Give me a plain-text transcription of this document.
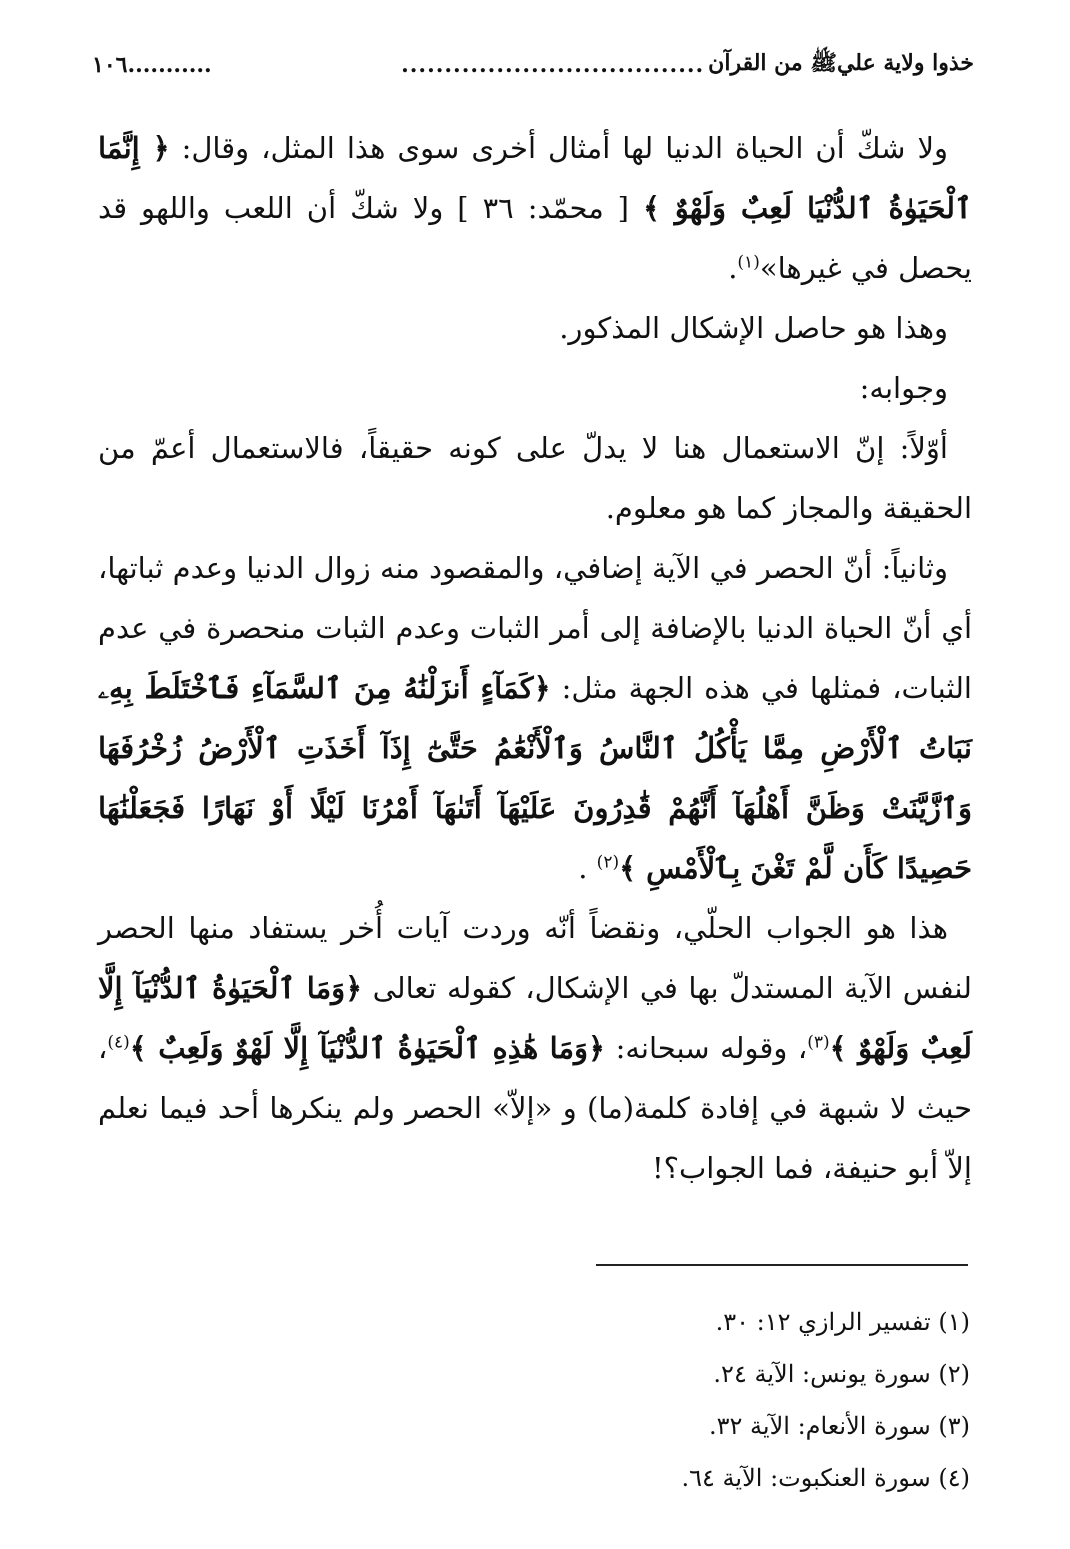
خذوا ولاية عليﷺ من القرآن
...................................
...........١٠٦

ولا شكّ أن الحياة الدنيا لها أمثال أخرى سوى هذا المثل، وقال: ﴿ إِنَّمَا ٱلْحَيَوٰةُ ٱلدُّنْيَا لَعِبٌ وَلَهْوٌ ﴾ [ محمّد: ٣٦ ] ولا شكّ أن اللعب واللهو قد يحصل في غيرها»$^{(١)}$.

وهذا هو حاصل الإشكال المذكور.

وجوابه:

أوّلاً: إنّ الاستعمال هنا لا يدلّ على كونه حقيقاً، فالاستعمال أعمّ من الحقيقة والمجاز كما هو معلوم.

وثانياً: أنّ الحصر في الآية إضافي، والمقصود منه زوال الدنيا وعدم ثباتها، أي أنّ الحياة الدنيا بالإضافة إلى أمر الثبات وعدم الثبات منحصرة في عدم الثبات، فمثلها في هذه الجهة مثل: ﴿كَمَآءٍ أَنزَلْنَٰهُ مِنَ ٱلسَّمَآءِ فَٱخْتَلَطَ بِهِۦ نَبَاتُ ٱلْأَرْضِ مِمَّا يَأْكُلُ ٱلنَّاسُ وَٱلْأَنْعَٰمُ حَتَّىٰٓ إِذَآ أَخَذَتِ ٱلْأَرْضُ زُخْرُفَهَا وَٱزَّيَّنَتْ وَظَنَّ أَهْلُهَآ أَنَّهُمْ قَٰدِرُونَ عَلَيْهَآ أَتَىٰهَآ أَمْرُنَا لَيْلًا أَوْ نَهَارًا فَجَعَلْنَٰهَا حَصِيدًا كَأَن لَّمْ تَغْنَ بِٱلْأَمْسِ ﴾$^{(٢)}$ .

هذا هو الجواب الحلّي، ونقضاً أنّه وردت آيات أُخر يستفاد منها الحصر لنفس الآية المستدلّ بها في الإشكال، كقوله تعالى ﴿وَمَا ٱلْحَيَوٰةُ ٱلدُّنْيَآ إِلَّا لَعِبٌ وَلَهْوٌ ﴾$^{(٣)}$، وقوله سبحانه: ﴿وَمَا هَٰذِهِ ٱلْحَيَوٰةُ ٱلدُّنْيَآ إِلَّا لَهْوٌ وَلَعِبٌ ﴾$^{(٤)}$، حيث لا شبهة في إفادة كلمة(ما) و «إلاّ» الحصر ولم ينكرها أحد فيما نعلم إلاّ أبو حنيفة، فما الجواب؟!

(١) تفسير الرازي ١٢: ٣٠.

(٢) سورة يونس: الآية ٢٤.

(٣) سورة الأنعام: الآية ٣٢.

(٤) سورة العنكبوت: الآية ٦٤.
